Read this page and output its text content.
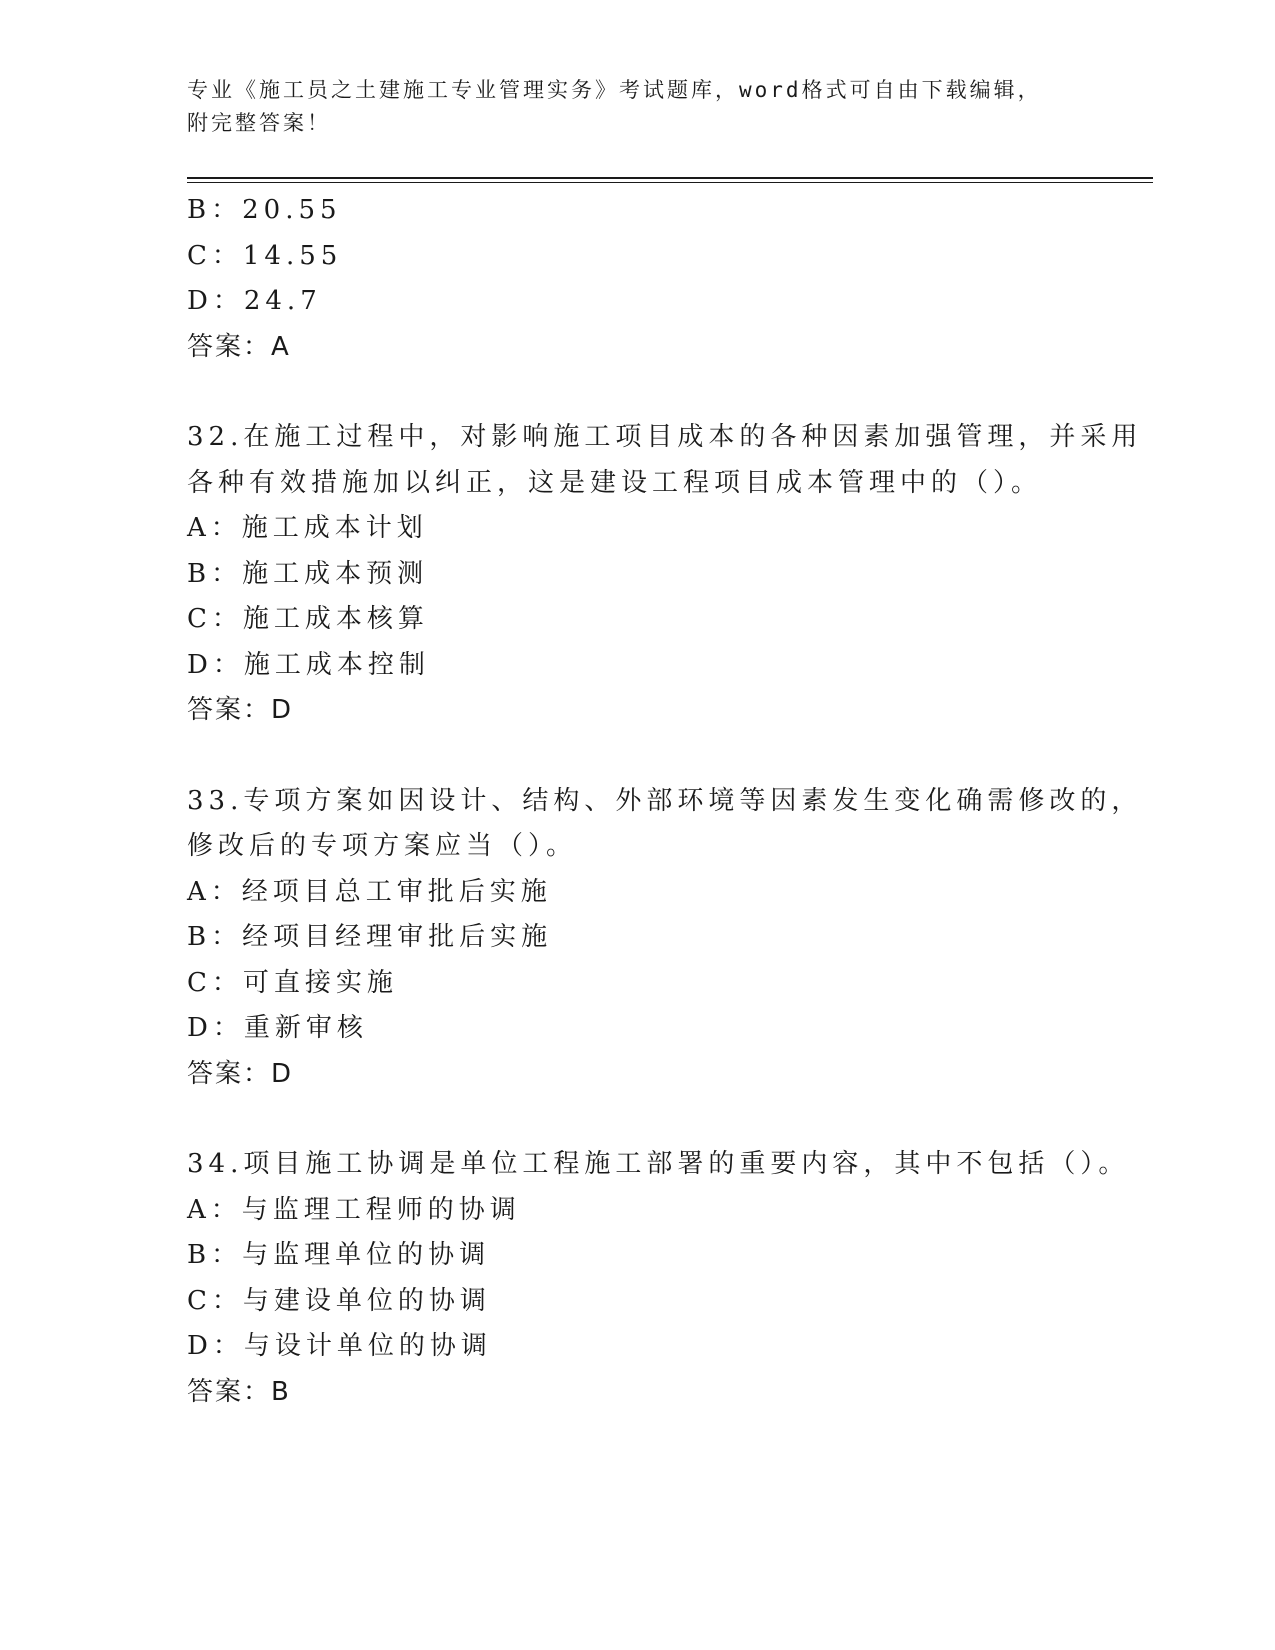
专业《施工员之土建施工专业管理实务》考试题库，word格式可自由下载编辑，
附完整答案！
B：20.55
C：14.55
D：24.7
答案：A
32.在施工过程中，对影响施工项目成本的各种因素加强管理，并采用
各种有效措施加以纠正，这是建设工程项目成本管理中的（）。
A：施工成本计划
B：施工成本预测
C：施工成本核算
D：施工成本控制
答案：D
33.专项方案如因设计、结构、外部环境等因素发生变化确需修改的，
修改后的专项方案应当（）。
A：经项目总工审批后实施
B：经项目经理审批后实施
C：可直接实施
D：重新审核
答案：D
34.项目施工协调是单位工程施工部署的重要内容，其中不包括（）。
A：与监理工程师的协调
B：与监理单位的协调
C：与建设单位的协调
D：与设计单位的协调
答案：B
